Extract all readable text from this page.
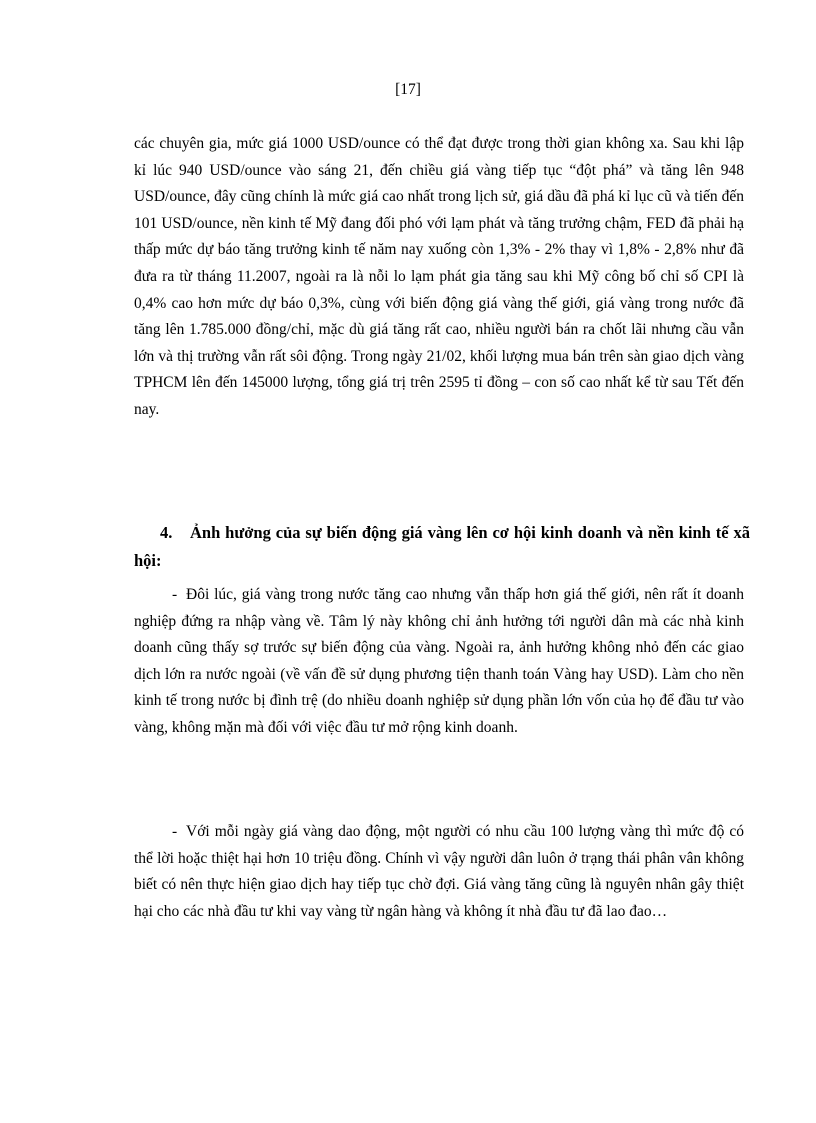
[17]
các chuyên gia, mức giá 1000 USD/ounce có thể đạt được trong thời gian không xa. Sau khi lập kỉ lúc 940 USD/ounce vào sáng 21, đến chiều giá vàng tiếp tục “đột phá” và tăng lên 948 USD/ounce, đây cũng chính là mức giá cao nhất trong lịch sử, giá dầu đã phá kỉ lục cũ và tiến đến 101 USD/ounce, nền kinh tế Mỹ đang đối phó với lạm phát và tăng trưởng chậm, FED đã phải hạ thấp mức dự báo tăng trưởng kinh tế năm nay xuống còn 1,3% - 2% thay vì 1,8% - 2,8% như đã đưa ra từ tháng 11.2007, ngoài ra là nỗi lo lạm phát gia tăng sau khi Mỹ công bố chỉ số CPI là 0,4% cao hơn mức dự báo 0,3%, cùng với biến động giá vàng thế giới, giá vàng trong nước đã tăng lên 1.785.000 đồng/chỉ, mặc dù giá tăng rất cao, nhiều người bán ra chốt lãi nhưng cầu vẫn lớn và thị trường vẫn rất sôi động. Trong ngày 21/02, khối lượng mua bán trên sàn giao dịch vàng TPHCM lên đến 145000 lượng, tổng giá trị trên 2595 tỉ đồng – con số cao nhất kể từ sau Tết đến nay.
4. Ảnh hưởng của sự biến động giá vàng lên cơ hội kinh doanh và nền kinh tế xã hội:
- Đôi lúc, giá vàng trong nước tăng cao nhưng vẫn thấp hơn giá thế giới, nên rất ít doanh nghiệp đứng ra nhập vàng về. Tâm lý này không chỉ ảnh hưởng tới người dân mà các nhà kinh doanh cũng thấy sợ trước sự biến động của vàng. Ngoài ra, ảnh hưởng không nhỏ đến các giao dịch lớn ra nước ngoài (về vấn đề sử dụng phương tiện thanh toán Vàng hay USD). Làm cho nền kinh tế trong nước bị đình trệ (do nhiều doanh nghiệp sử dụng phần lớn vốn của họ để đầu tư vào vàng, không mặn mà đối với việc đầu tư mở rộng kinh doanh.
- Với mỗi ngày giá vàng dao động, một người có nhu cầu 100 lượng vàng thì mức độ có thể lời hoặc thiệt hại hơn 10 triệu đồng. Chính vì vậy người dân luôn ở trạng thái phân vân không biết có nên thực hiện giao dịch hay tiếp tục chờ đợi. Giá vàng tăng cũng là nguyên nhân gây thiệt hại cho các nhà đầu tư khi vay vàng từ ngân hàng và không ít nhà đầu tư đã lao đao…
